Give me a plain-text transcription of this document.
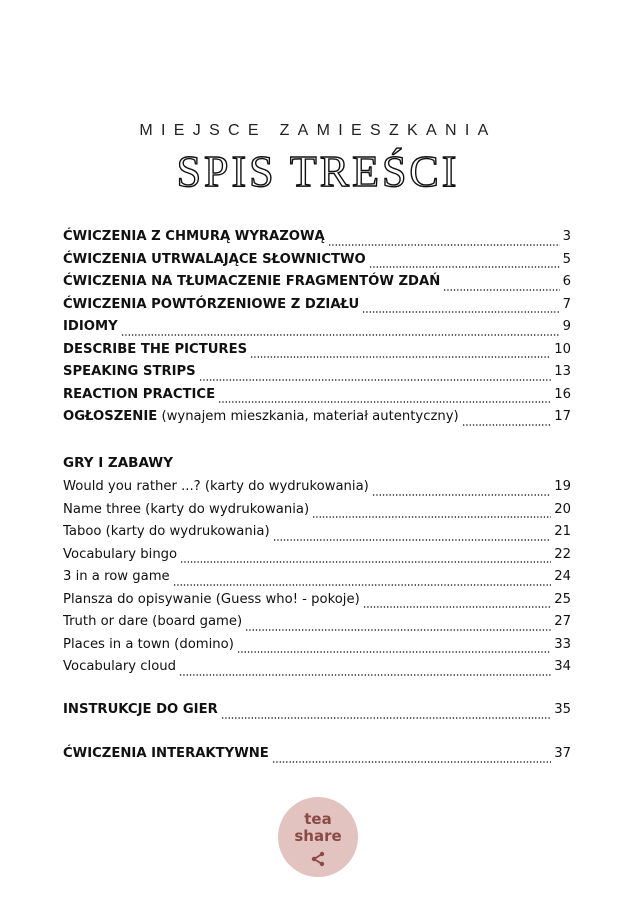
MIEJSCE ZAMIESZKANIA
SPIS TREŚCI
ĆWICZENIA Z CHMURĄ WYRAZOWĄ	3
ĆWICZENIA UTRWALAJĄCE SŁOWNICTWO	5
ĆWICZENIA NA TŁUMACZENIE FRAGMENTÓW ZDAŃ	6
ĆWICZENIA POWTÓRZENIOWE Z DZIAŁU	7
IDIOMY	9
DESCRIBE THE PICTURES	10
SPEAKING STRIPS	13
REACTION PRACTICE	16
OGŁOSZENIE (wynajem mieszkania, materiał autentyczny)	17
GRY I ZABAWY
Would you rather ...? (karty do wydrukowania)	19
Name three (karty do wydrukowania)	20
Taboo (karty do wydrukowania)	21
Vocabulary bingo	22
3 in a row game	24
Plansza do opisywanie (Guess who! - pokoje)	25
Truth or dare (board game)	27
Places in a town (domino)	33
Vocabulary cloud	34
INSTRUKCJE DO GIER	35
ĆWICZENIA INTERAKTYWNE	37
tea
share
